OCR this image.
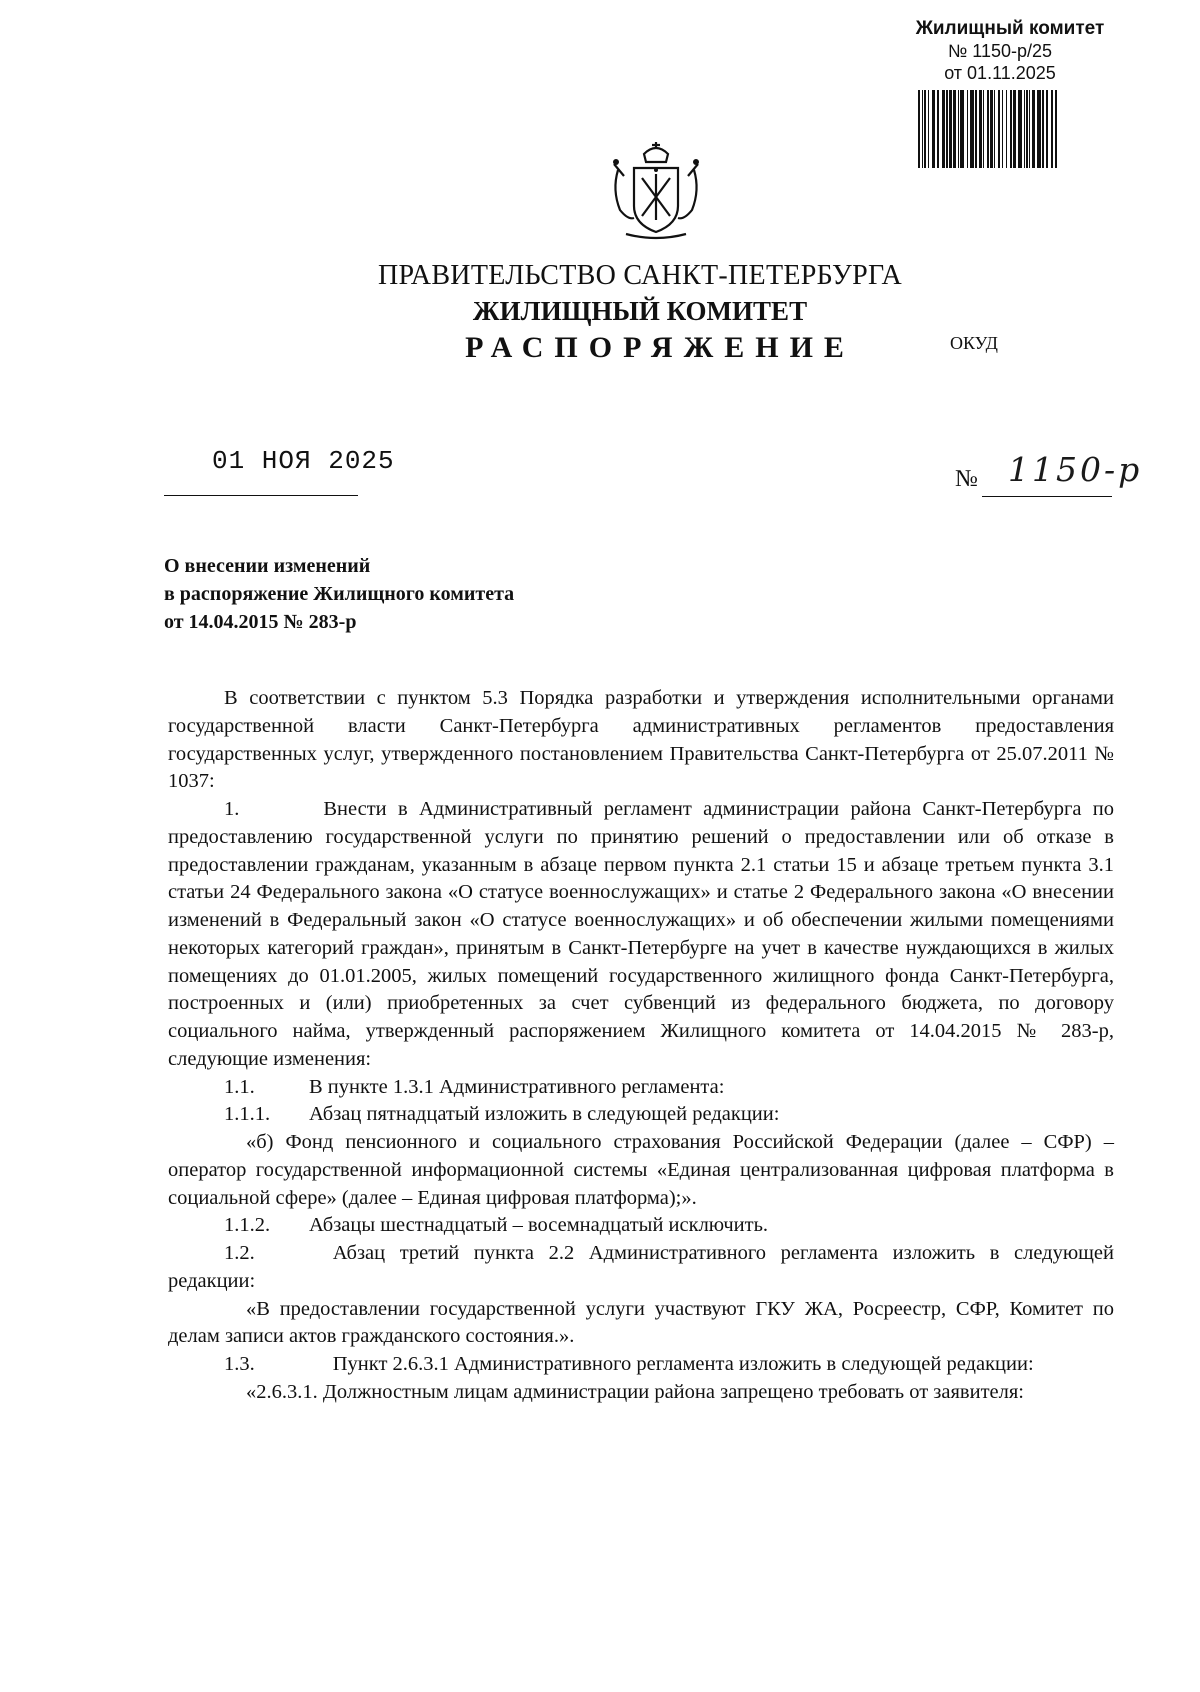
Жилищный комитет
№ 1150-р/25
от 01.11.2025
ПРАВИТЕЛЬСТВО САНКТ-ПЕТЕРБУРГА
ЖИЛИЩНЫЙ КОМИТЕТ
РАСПОРЯЖЕНИЕ	ОКУД
01 НОЯ 2025
№ 1150-р
О внесении изменений
в распоряжение Жилищного комитета
от 14.04.2015 № 283-р

В соответствии с пунктом 5.3 Порядка разработки и утверждения исполнительными органами государственной власти Санкт-Петербурга административных регламентов предоставления государственных услуг, утвержденного постановлением Правительства Санкт-Петербурга от 25.07.2011 № 1037:

1.	Внести в Административный регламент администрации района Санкт-Петербурга по предоставлению государственной услуги по принятию решений о предоставлении или об отказе в предоставлении гражданам, указанным в абзаце первом пункта 2.1 статьи 15 и абзаце третьем пункта 3.1 статьи 24 Федерального закона «О статусе военнослужащих» и статье 2 Федерального закона «О внесении изменений в Федеральный закон «О статусе военнослужащих» и об обеспечении жилыми помещениями некоторых категорий граждан», принятым в Санкт-Петербурге на учет в качестве нуждающихся в жилых помещениях до 01.01.2005, жилых помещений государственного жилищного фонда Санкт-Петербурга, построенных и (или) приобретенных за счет субвенций из федерального бюджета, по договору социального найма, утвержденный распоряжением Жилищного комитета от 14.04.2015 № 283-р, следующие изменения:

1.1.	В пункте 1.3.1 Административного регламента:
1.1.1.	Абзац пятнадцатый изложить в следующей редакции:

«б) Фонд пенсионного и социального страхования Российской Федерации (далее – СФР) – оператор государственной информационной системы «Единая централизованная цифровая платформа в социальной сфере» (далее – Единая цифровая платформа);».

1.1.2.	Абзацы шестнадцатый – восемнадцатый исключить.

1.2.	Абзац третий пункта 2.2 Административного регламента изложить в следующей редакции:

«В предоставлении государственной услуги участвуют ГКУ ЖА, Росреестр, СФР, Комитет по делам записи актов гражданского состояния.».

1.3.	Пункт 2.6.3.1 Административного регламента изложить в следующей редакции:

«2.6.3.1. Должностным лицам администрации района запрещено требовать от заявителя:
